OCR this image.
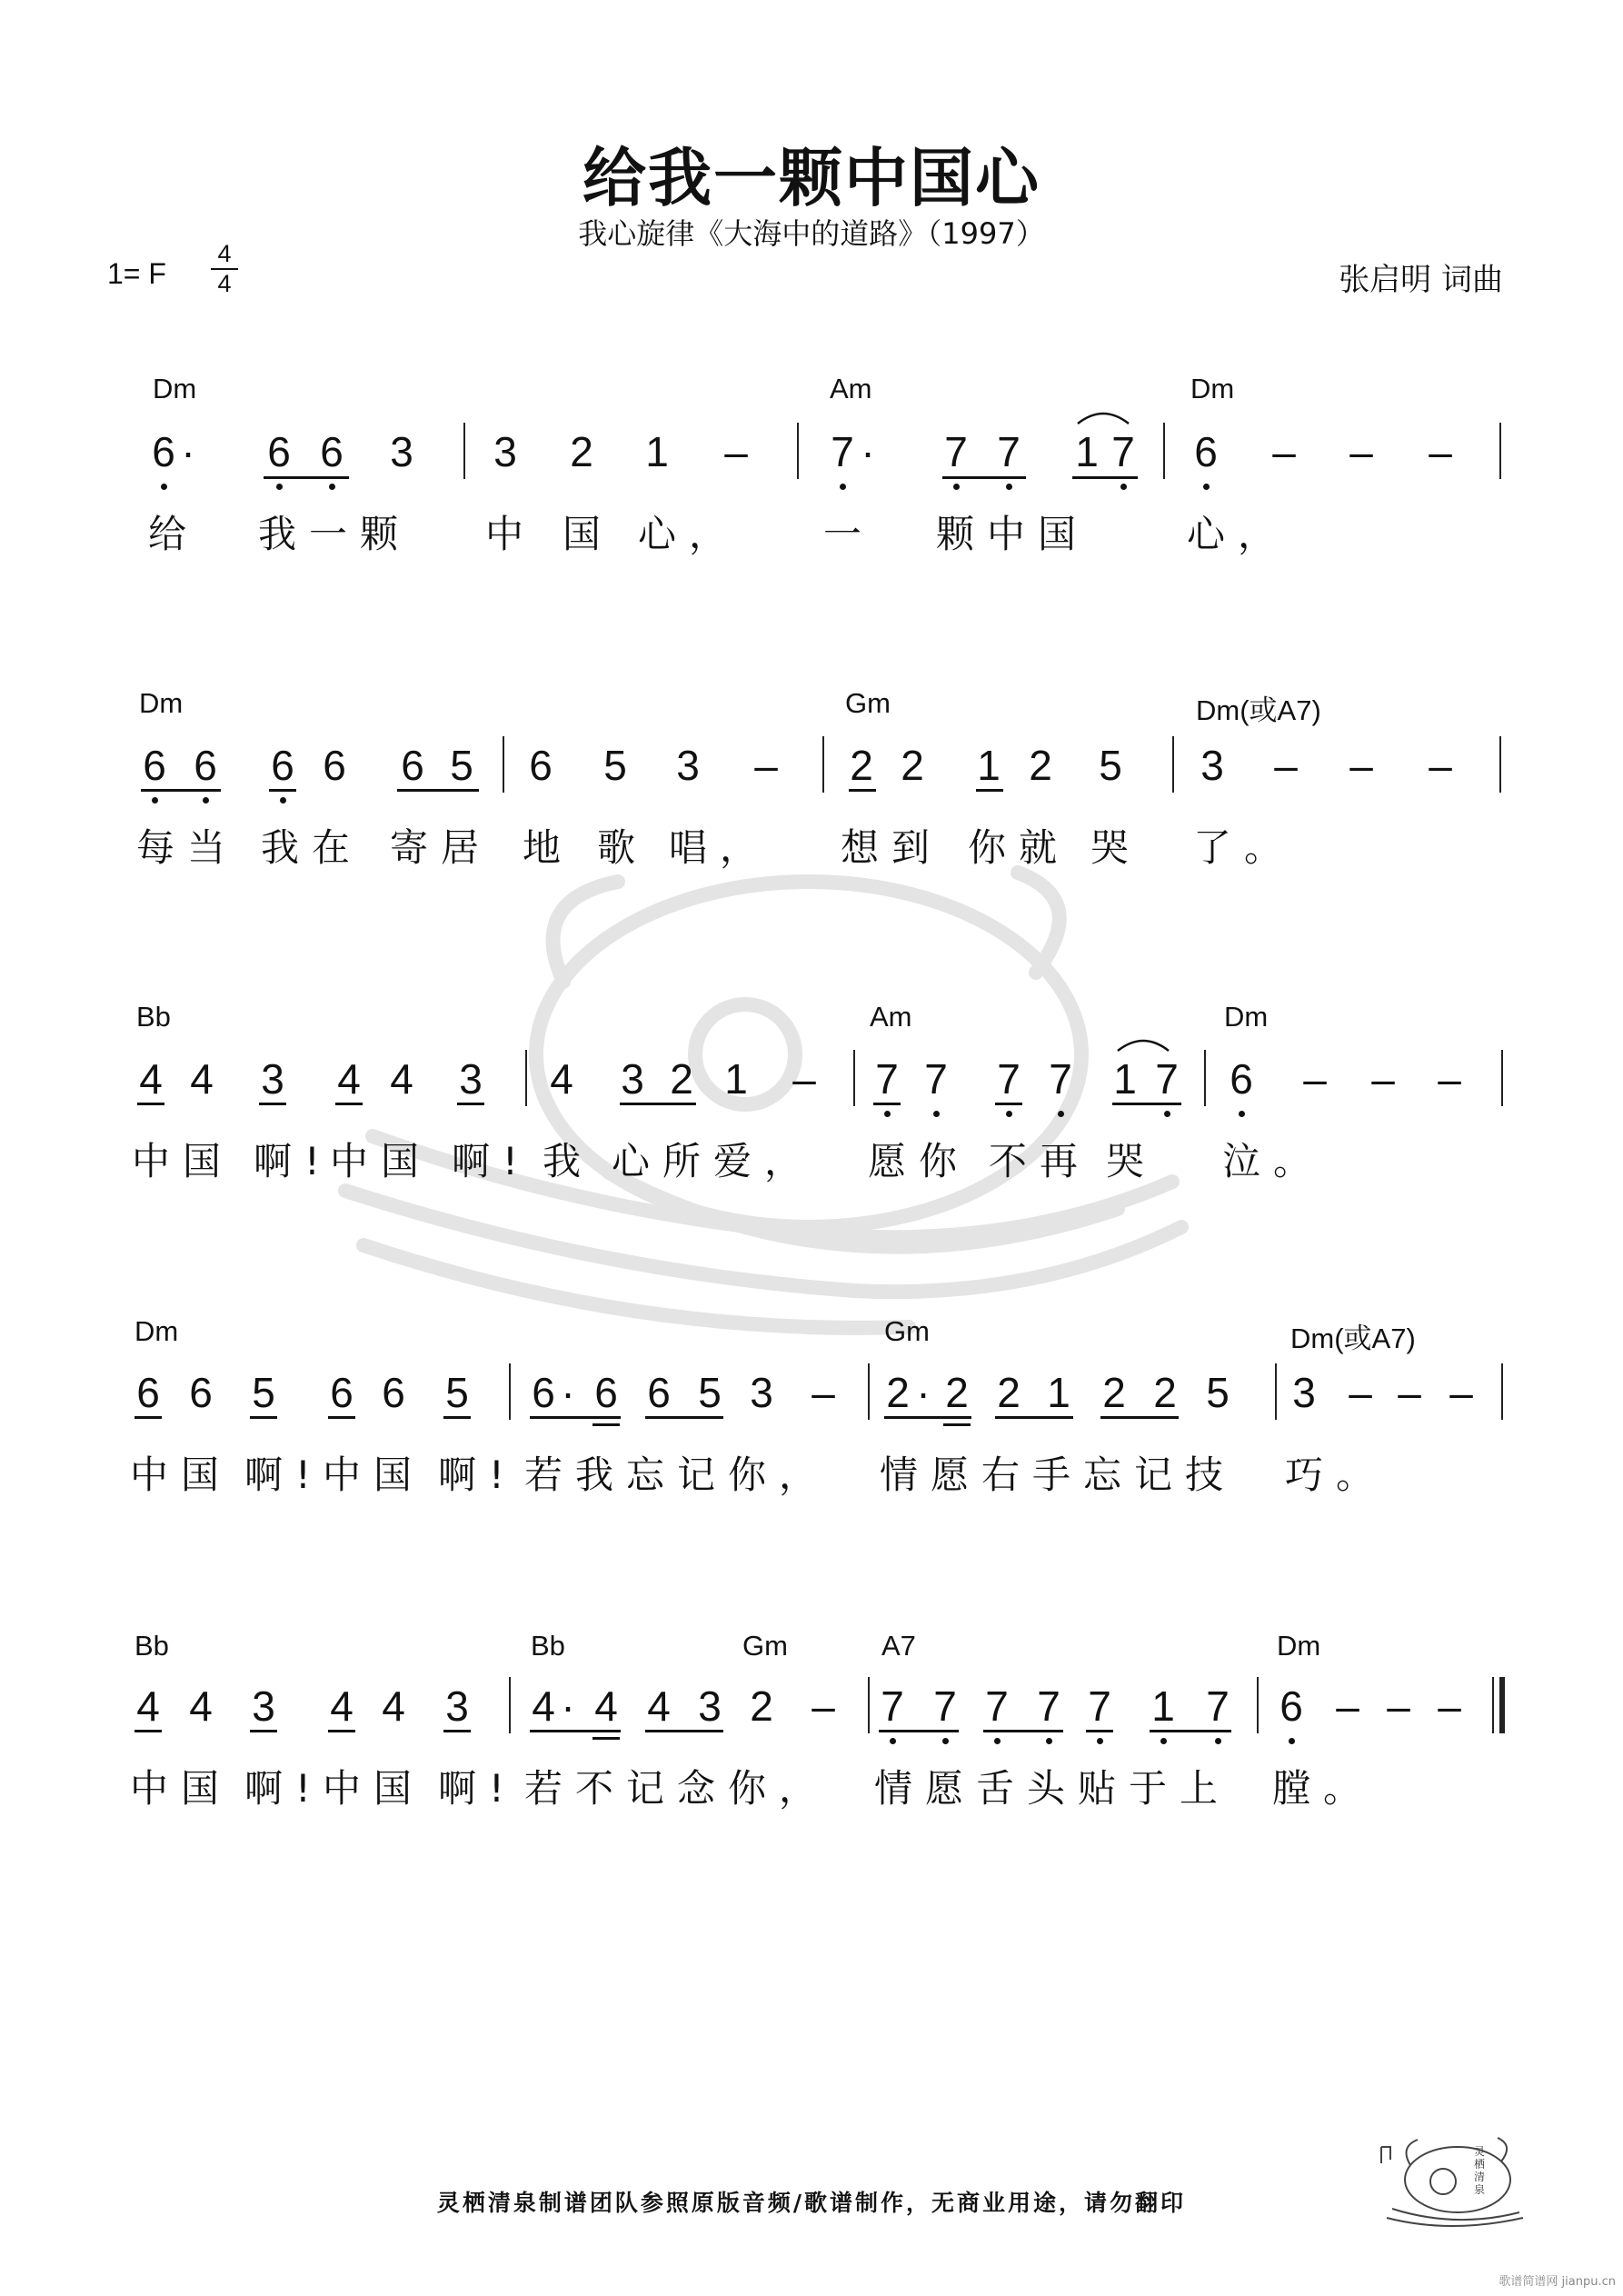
给我一颗中国心
我心旋律《大海中的道路》（1997）
1= F
4
4	张启明 词曲
Dm	Am	Dm
6 ·	6 6 3 3 2 1 – 7 ·	7 7 1 7 6 – – –
给 我一颗 中 国 心， 一 颗中国	心，
Dm	Gm	Dm(或A7)
6 6 6 6 6 5 6 5 3 – 2 2 1 2 5 3 – – –
每当 我在 寄居 地 歌 唱， 想到 你就 哭 了。
Bb	Am	Dm
4 4 3 4 4 3 4 3 2 1 – 7 7 7 7 1 7 6 – – –
中国 啊!
中国 啊! 我 心所爱， 愿你 不再 哭 泣。
Dm	Gm	Dm(或A7)
6 6 5 6 6 5 6 · 6 6 5 3 – 2 · 2 2 1 2 2 5 3 – – –
中国 啊! 中国 啊! 若我忘记你， 情愿右手忘记技 巧。
Bb	Bb	Gm	A7	Dm
4 4 3 4 4 3 4 · 4 4 3 2 – 7 7 7 7 7 1 7 6 – – –
中国 啊! 中国 啊! 若不记念你， 情愿舌头贴于上 膛。
灵栖清泉制谱团队参照原版音频/歌谱制作，无商业用途，请勿翻印
灵栖清泉
歌谱简谱网 jianpu.cn
